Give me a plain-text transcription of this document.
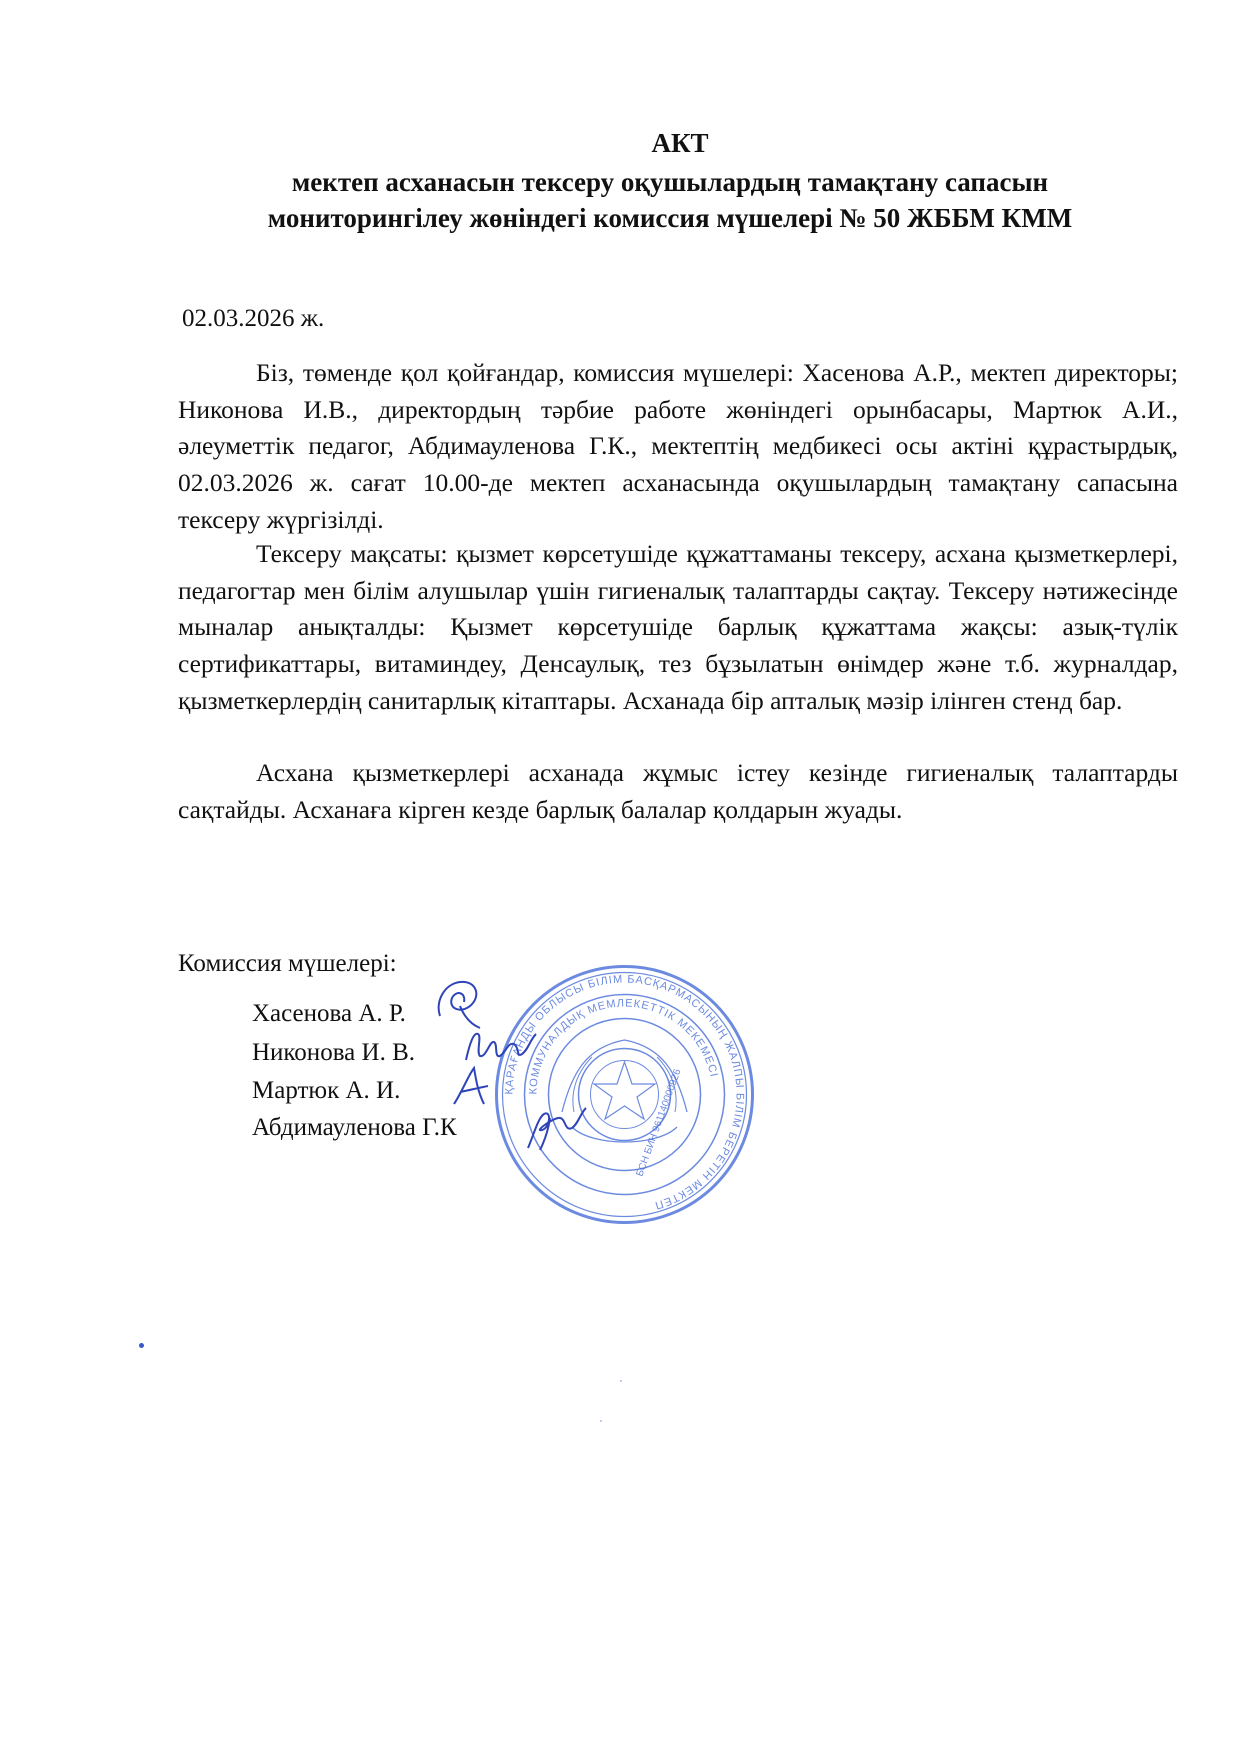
АКТ
мектеп асханасын тексеру оқушылардың тамақтану сапасын
мониторингілеу жөніндегі комиссия мүшелері № 50 ЖББМ КММ
02.03.2026 ж.

Біз, төменде қол қойғандар, комиссия мүшелері: Хасенова А.Р., мектеп директоры; Никонова И.В., директордың тәрбие работе жөніндегі орынбасары, Мартюк А.И., әлеуметтік педагог, Абдимауленова Г.К., мектептің медбикесі осы актіні құрастырдық, 02.03.2026 ж. сағат 10.00-де мектеп асханасында оқушылардың тамақтану сапасына тексеру жүргізілді.

Тексеру мақсаты: қызмет көрсетушіде құжаттаманы тексеру, асхана қызметкерлері, педагогтар мен білім алушылар үшін гигиеналық талаптарды сақтау. Тексеру нәтижесінде мыналар анықталды: Қызмет көрсетушіде барлық құжаттама жақсы: азық-түлік сертификаттары, витаминдеу, Денсаулық, тез бұзылатын өнімдер және т.б. журналдар, қызметкерлердің санитарлық кітаптары. Асханада бір апталық мәзір ілінген стенд бар.

Асхана қызметкерлері асханада жұмыс істеу кезінде гигиеналық талаптарды сақтайды. Асханаға кірген кезде барлық балалар қолдарын жуады.

Комиссия мүшелері:
Хасенова А. Р.
Никонова И. В.
Мартюк А. И.
Абдимауленова Г.К
ҚАРАҒАНДЫ ОБЛЫСЫ БІЛІМ БАСҚАРМАСЫНЫҢ ЖАЛПЫ БІЛІМ БЕРЕТІН МЕКТЕП
КОММУНАЛДЫҚ МЕМЛЕКЕТТІК МЕКЕМЕСІ
БСН БИН 961140000926
